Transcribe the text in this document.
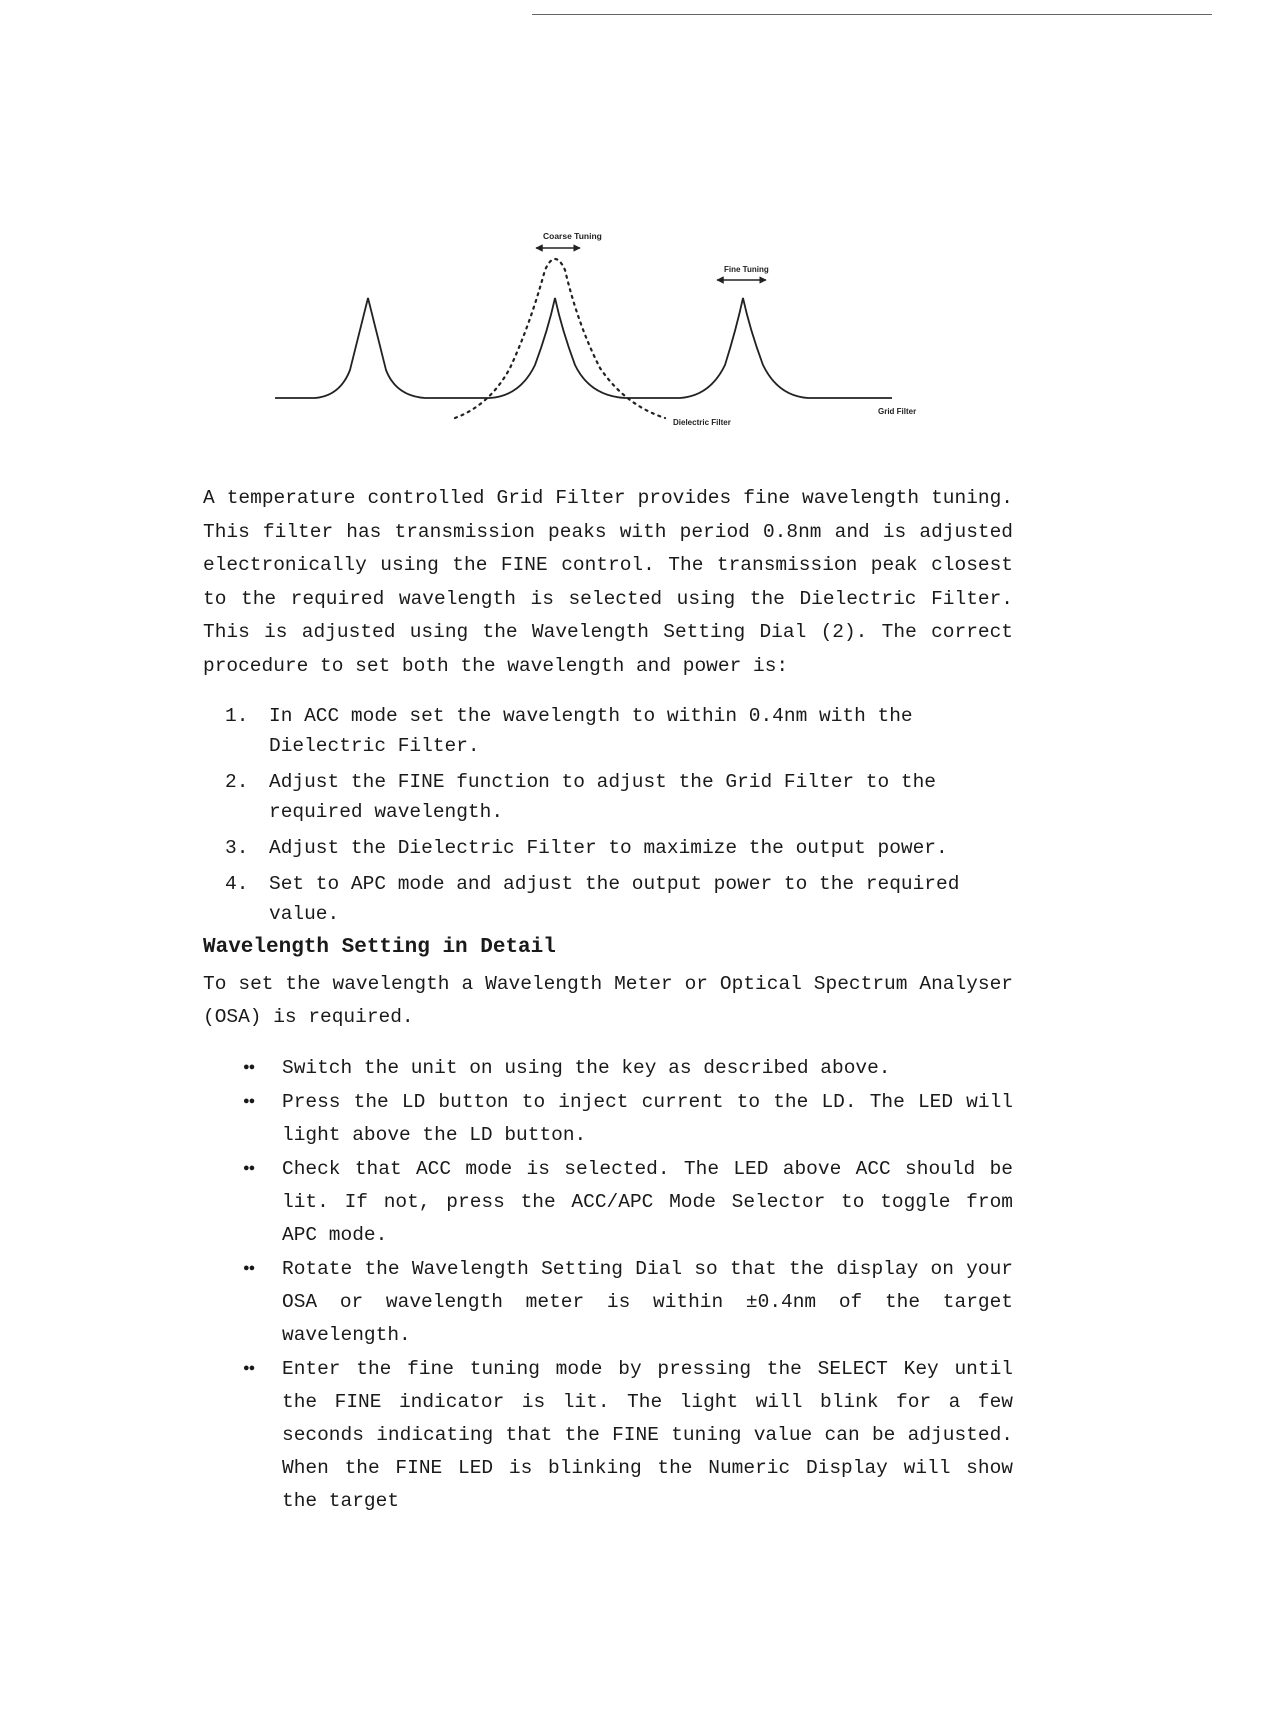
Coarse Tuning
Fine Tuning
Dielectric Filter
Grid Filter

A temperature controlled Grid Filter provides fine wavelength tuning. This filter has transmission peaks with period 0.8nm and is adjusted electronically using the FINE control. The transmission peak closest to the required wavelength is selected using the Dielectric Filter. This is adjusted using the Wavelength Setting Dial (2). The correct procedure to set both the wavelength and power is:

1. In ACC mode set the wavelength to within 0.4nm with the Dielectric Filter.
2. Adjust the FINE function to adjust the Grid Filter to the required wavelength.
3. Adjust the Dielectric Filter to maximize the output power.
4. Set to APC mode and adjust the output power to the required value.
Wavelength Setting in Detail

To set the wavelength a Wavelength Meter or Optical Spectrum Analyser (OSA) is required.

●● Switch the unit on using the key as described above.
●● Press the LD button to inject current to the LD. The LED will light above the LD button.
●● Check that ACC mode is selected. The LED above ACC should be lit. If not, press the ACC/APC Mode Selector to toggle from APC mode.
●● Rotate the Wavelength Setting Dial so that the display on your OSA or wavelength meter is within ±0.4nm of the target wavelength.
●● Enter the fine tuning mode by pressing the SELECT Key until the FINE indicator is lit. The light will blink for a few seconds indicating that the FINE tuning value can be adjusted. When the FINE LED is blinking the Numeric Display will show the target
